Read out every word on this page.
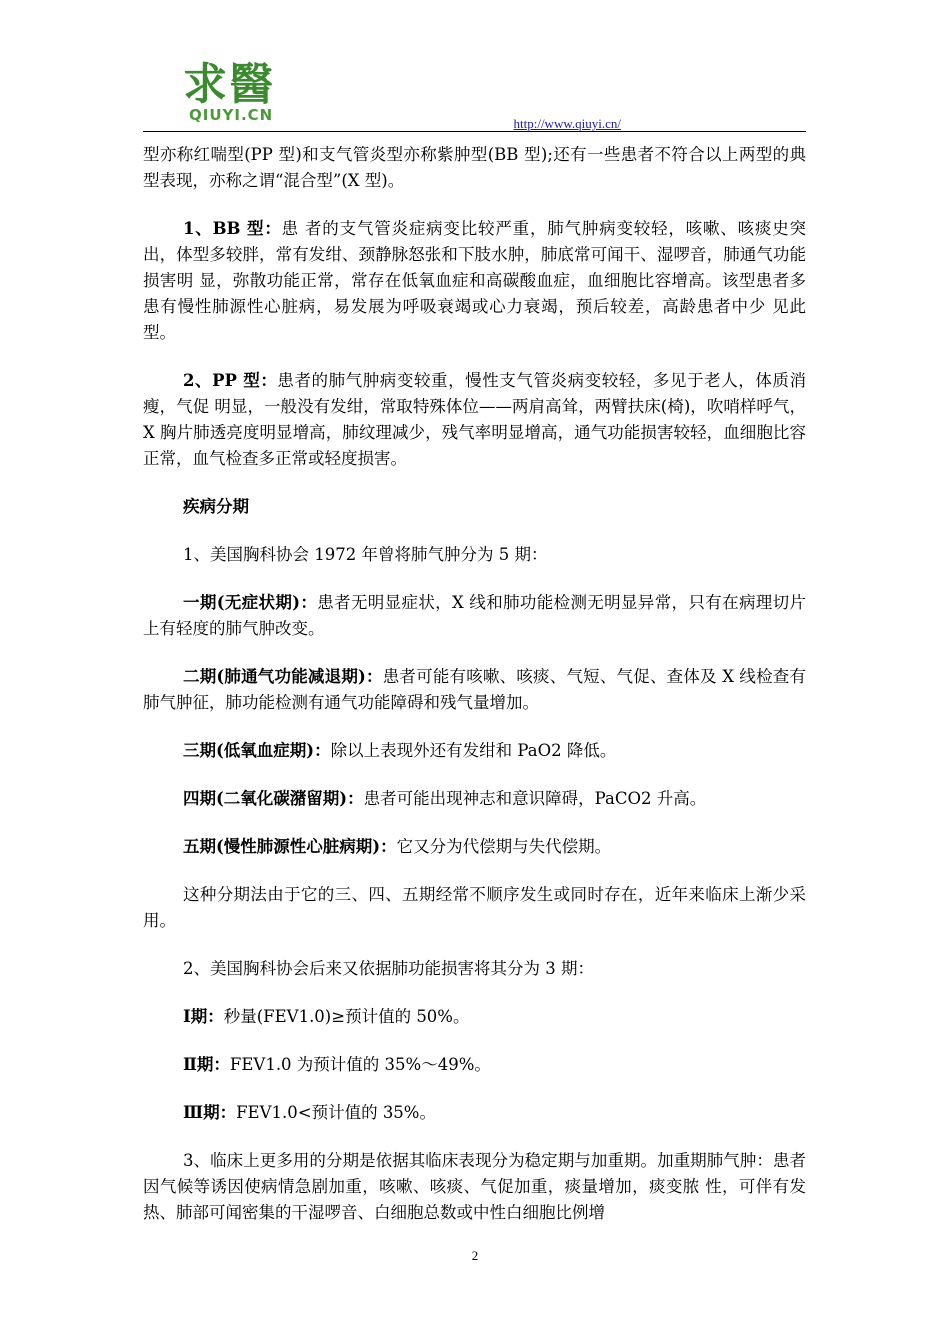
求醫
QIUYI.CN	http://www.qiuyi.cn/

型亦称红喘型(PP 型)和支气管炎型亦称紫肿型(BB 型);还有一些患者不符合以上两型的典型表现，亦称之谓“混合型”(X 型)。

1、BB 型：患 者的支气管炎症病变比较严重，肺气肿病变较轻，咳嗽、咳痰史突出，体型多较胖，常有发绀、颈静脉怒张和下肢水肿，肺底常可闻干、湿啰音，肺通气功能损害明 显，弥散功能正常，常存在低氧血症和高碳酸血症，血细胞比容增高。该型患者多患有慢性肺源性心脏病，易发展为呼吸衰竭或心力衰竭，预后较差，高龄患者中少 见此型。

2、PP 型：患者的肺气肿病变较重，慢性支气管炎病变较轻，多见于老人，体质消瘦，气促 明显，一般没有发绀，常取特殊体位——两肩高耸，两臂扶床(椅)，吹哨样呼气，X 胸片肺透亮度明显增高，肺纹理减少，残气率明显增高，通气功能损害较轻，血细胞比容正常，血气检查多正常或轻度损害。

疾病分期

1、美国胸科协会 1972 年曾将肺气肿分为 5 期：

一期(无症状期)：患者无明显症状，X 线和肺功能检测无明显异常，只有在病理切片上有轻度的肺气肿改变。

二期(肺通气功能减退期)：患者可能有咳嗽、咳痰、气短、气促、查体及 X 线检查有肺气肿征，肺功能检测有通气功能障碍和残气量增加。

三期(低氧血症期)：除以上表现外还有发绀和 PaO2 降低。

四期(二氧化碳潴留期)：患者可能出现神志和意识障碍，PaCO2 升高。

五期(慢性肺源性心脏病期)：它又分为代偿期与失代偿期。

这种分期法由于它的三、四、五期经常不顺序发生或同时存在，近年来临床上渐少采用。

2、美国胸科协会后来又依据肺功能损害将其分为 3 期：

Ⅰ期：秒量(FEV1.0)≥预计值的 50%。

Ⅱ期：FEV1.0 为预计值的 35%～49%。

Ⅲ期：FEV1.0<预计值的 35%。

3、临床上更多用的分期是依据其临床表现分为稳定期与加重期。加重期肺气肿：患者因气候等诱因使病情急剧加重，咳嗽、咳痰、气促加重，痰量增加，痰变脓 性，可伴有发热、肺部可闻密集的干湿啰音、白细胞总数或中性白细胞比例增

2
